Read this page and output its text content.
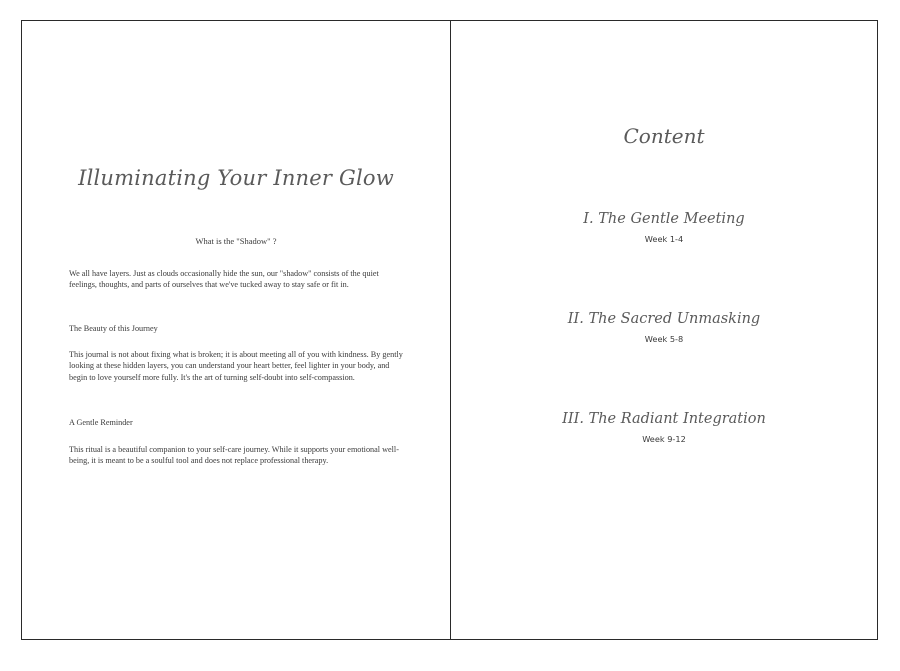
Illuminating Your Inner Glow

What is the "Shadow" ?

We all have layers. Just as clouds occasionally hide the sun, our "shadow" consists of the quiet feelings, thoughts, and parts of ourselves that we've tucked away to stay safe or fit in.

The Beauty of this Journey

This journal is not about fixing what is broken; it is about meeting all of you with kindness. By gently looking at these hidden layers, you can understand your heart better, feel lighter in your body, and begin to love yourself more fully. It's the art of turning self-doubt into self-compassion.

A Gentle Reminder

This ritual is a beautiful companion to your self-care journey. While it supports your emotional well-being, it is meant to be a soulful tool and does not replace professional therapy.

Content
I. The Gentle Meeting
Week 1-4
II. The Sacred Unmasking
Week 5-8
III. The Radiant Integration
Week 9-12
